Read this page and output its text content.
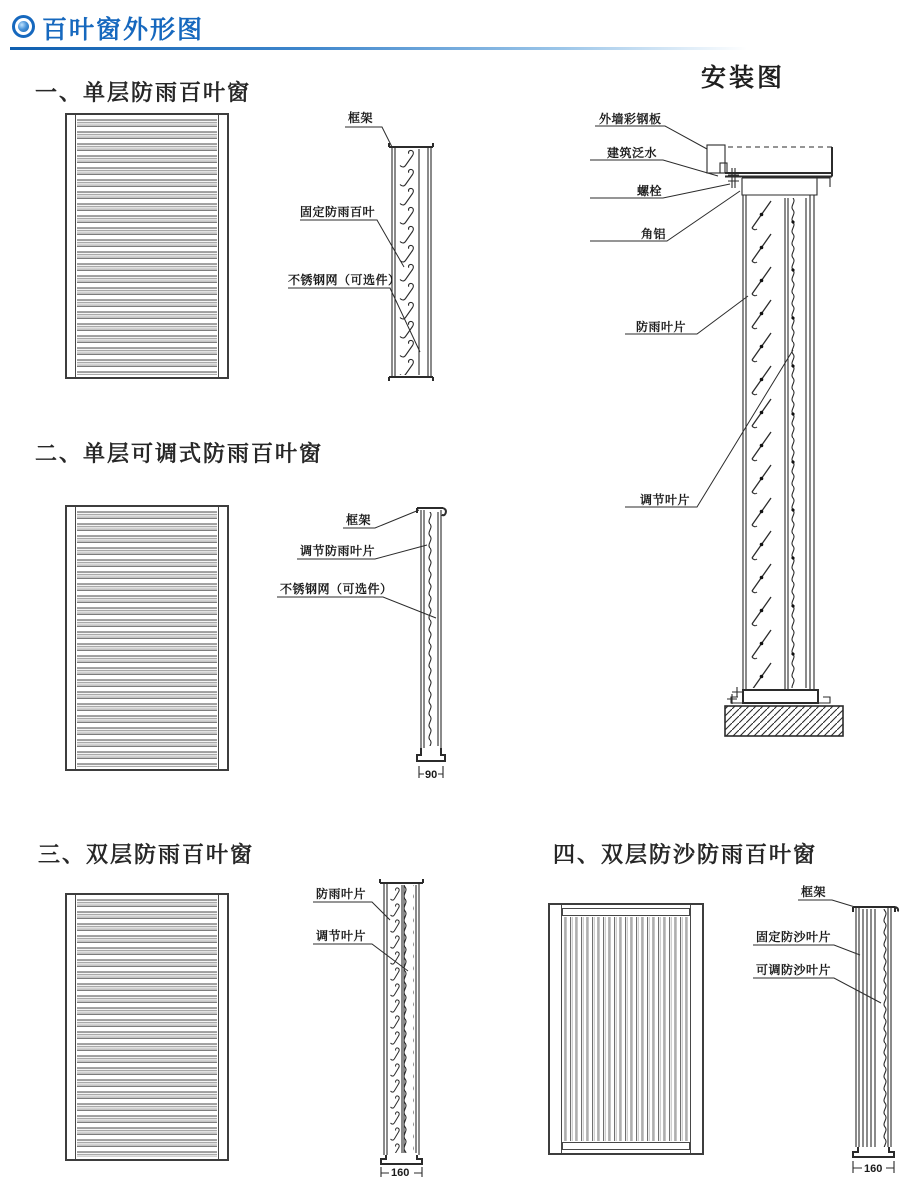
百叶窗外形图
一、单层防雨百叶窗
框架
固定防雨百叶
不锈钢网（可选件）
安装图
外墙彩钢板
建筑泛水
螺栓
角铝
防雨叶片
调节叶片
二、单层可调式防雨百叶窗
90
框架
调节防雨叶片
不锈钢网（可选件）
三、双层防雨百叶窗
160
防雨叶片
调节叶片
四、双层防沙防雨百叶窗
160
框架
固定防沙叶片
可调防沙叶片
